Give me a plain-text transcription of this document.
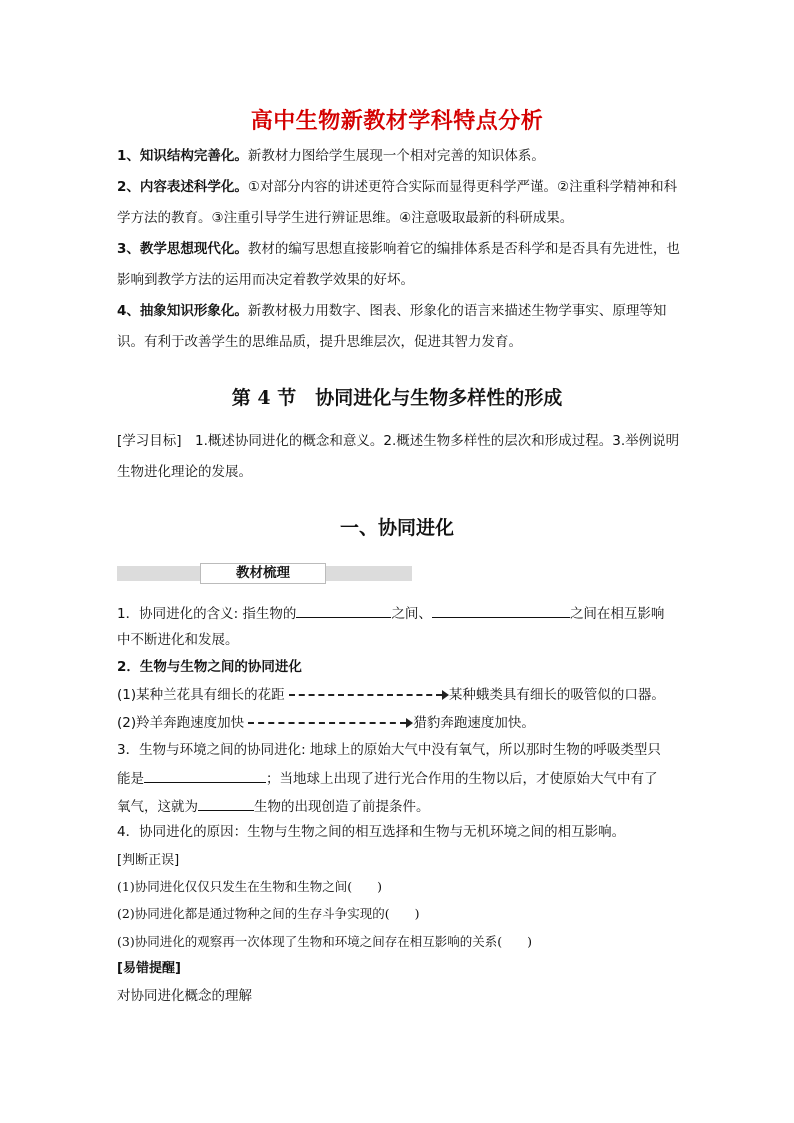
高中生物新教材学科特点分析
1、知识结构完善化。新教材力图给学生展现一个相对完善的知识体系。
2、内容表述科学化。①对部分内容的讲述更符合实际而显得更科学严谨。②注重科学精神和科学方法的教育。③注重引导学生进行辨证思维。④注意吸取最新的科研成果。
3、教学思想现代化。教材的编写思想直接影响着它的编排体系是否科学和是否具有先进性，也影响到教学方法的运用而决定着教学效果的好坏。
4、抽象知识形象化。新教材极力用数字、图表、形象化的语言来描述生物学事实、原理等知识。有利于改善学生的思维品质，提升思维层次，促进其智力发育。
第 4 节　协同进化与生物多样性的形成
[学习目标]　1.概述协同进化的概念和意义。2.概述生物多样性的层次和形成过程。3.举例说明生物进化理论的发展。
一、协同进化
教材梳理
1．协同进化的含义: 指生物的	之间、	之间在相互影响
中不断进化和发展。
2．生物与生物之间的协同进化
(1)某种兰花具有细长的花距	某种蛾类具有细长的吸管似的口器。
(2)羚羊奔跑速度加快	猎豹奔跑速度加快。
3．生物与环境之间的协同进化: 地球上的原始大气中没有氧气，所以那时生物的呼吸类型只
能是	；当地球上出现了进行光合作用的生物以后，才使原始大气中有了
氧气，这就为	生物的出现创造了前提条件。
4．协同进化的原因：生物与生物之间的相互选择和生物与无机环境之间的相互影响。
[判断正误]
(1)协同进化仅仅只发生在生物和生物之间(　　)
(2)协同进化都是通过物种之间的生存斗争实现的(　　)
(3)协同进化的观察再一次体现了生物和环境之间存在相互影响的关系(　　)
[易错提醒]
对协同进化概念的理解
